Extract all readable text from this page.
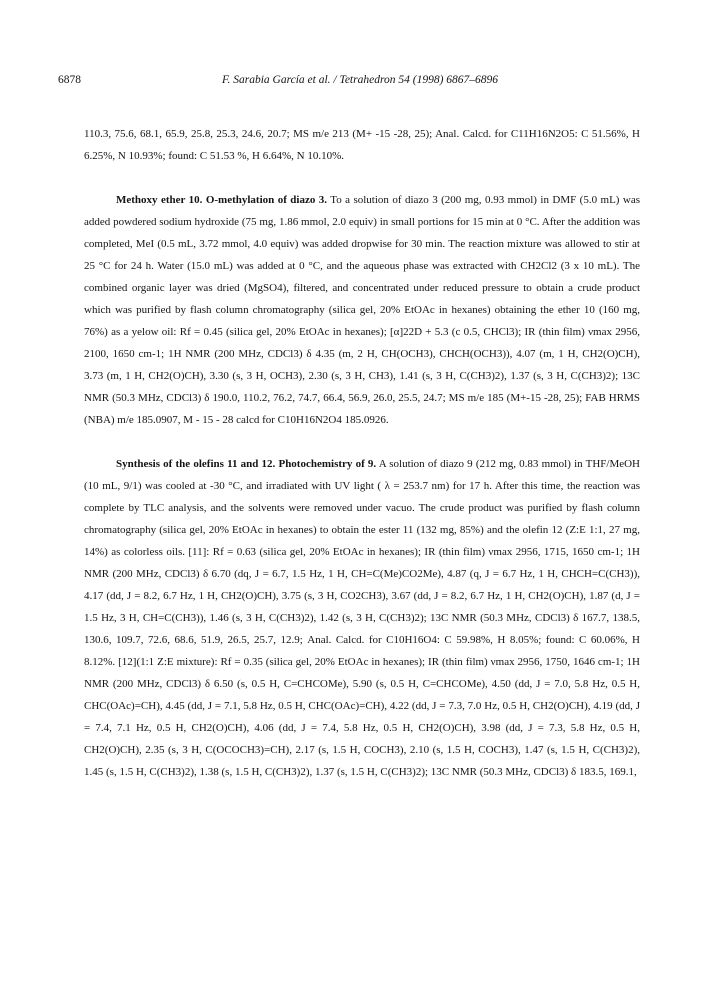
6878	F. Sarabia García et al. / Tetrahedron 54 (1998) 6867–6896

110.3, 75.6, 68.1, 65.9, 25.8, 25.3, 24.6, 20.7; MS m/e 213 (M+ -15 -28, 25); Anal. Calcd. for C11H16N2O5: C 51.56%, H 6.25%, N 10.93%; found: C 51.53 %, H 6.64%, N 10.10%.

Methoxy ether 10. O-methylation of diazo 3. To a solution of diazo 3 (200 mg, 0.93 mmol) in DMF (5.0 mL) was added powdered sodium hydroxide (75 mg, 1.86 mmol, 2.0 equiv) in small portions for 15 min at 0 °C. After the addition was completed, MeI (0.5 mL, 3.72 mmol, 4.0 equiv) was added dropwise for 30 min. The reaction mixture was allowed to stir at 25 °C for 24 h. Water (15.0 mL) was added at 0 °C, and the aqueous phase was extracted with CH2Cl2 (3 x 10 mL). The combined organic layer was dried (MgSO4), filtered, and concentrated under reduced pressure to obtain a crude product which was purified by flash column chromatography (silica gel, 20% EtOAc in hexanes) obtaining the ether 10 (160 mg, 76%) as a yelow oil: Rf = 0.45 (silica gel, 20% EtOAc in hexanes); [α]22D + 5.3 (c 0.5, CHCl3); IR (thin film) νmax 2956, 2100, 1650 cm-1; 1H NMR (200 MHz, CDCl3) δ 4.35 (m, 2 H, CH(OCH3), CHCH(OCH3)), 4.07 (m, 1 H, CH2(O)CH), 3.73 (m, 1 H, CH2(O)CH), 3.30 (s, 3 H, OCH3), 2.30 (s, 3 H, CH3), 1.41 (s, 3 H, C(CH3)2), 1.37 (s, 3 H, C(CH3)2); 13C NMR (50.3 MHz, CDCl3) δ 190.0, 110.2, 76.2, 74.7, 66.4, 56.9, 26.0, 25.5, 24.7; MS m/e 185 (M+-15 -28, 25); FAB HRMS (NBA) m/e 185.0907, M - 15 - 28 calcd for C10H16N2O4 185.0926.

Synthesis of the olefins 11 and 12. Photochemistry of 9. A solution of diazo 9 (212 mg, 0.83 mmol) in THF/MeOH (10 mL, 9/1) was cooled at -30 °C, and irradiated with UV light ( λ = 253.7 nm) for 17 h. After this time, the reaction was complete by TLC analysis, and the solvents were removed under vacuo. The crude product was purified by flash column chromatography (silica gel, 20% EtOAc in hexanes) to obtain the ester 11 (132 mg, 85%) and the olefin 12 (Z:E 1:1, 27 mg, 14%) as colorless oils. [11]: Rf = 0.63 (silica gel, 20% EtOAc in hexanes); IR (thin film) νmax 2956, 1715, 1650 cm-1; 1H NMR (200 MHz, CDCl3) δ 6.70 (dq, J = 6.7, 1.5 Hz, 1 H, CH=C(Me)CO2Me), 4.87 (q, J = 6.7 Hz, 1 H, CHCH=C(CH3)), 4.17 (dd, J = 8.2, 6.7 Hz, 1 H, CH2(O)CH), 3.75 (s, 3 H, CO2CH3), 3.67 (dd, J = 8.2, 6.7 Hz, 1 H, CH2(O)CH), 1.87 (d, J = 1.5 Hz, 3 H, CH=C(CH3)), 1.46 (s, 3 H, C(CH3)2), 1.42 (s, 3 H, C(CH3)2); 13C NMR (50.3 MHz, CDCl3) δ 167.7, 138.5, 130.6, 109.7, 72.6, 68.6, 51.9, 26.5, 25.7, 12.9; Anal. Calcd. for C10H16O4: C 59.98%, H 8.05%; found: C 60.06%, H 8.12%. [12](1:1 Z:E mixture): Rf = 0.35 (silica gel, 20% EtOAc in hexanes); IR (thin film) νmax 2956, 1750, 1646 cm-1; 1H NMR (200 MHz, CDCl3) δ 6.50 (s, 0.5 H, C=CHCOMe), 5.90 (s, 0.5 H, C=CHCOMe), 4.50 (dd, J = 7.0, 5.8 Hz, 0.5 H, CHC(OAc)=CH), 4.45 (dd, J = 7.1, 5.8 Hz, 0.5 H, CHC(OAc)=CH), 4.22 (dd, J = 7.3, 7.0 Hz, 0.5 H, CH2(O)CH), 4.19 (dd, J = 7.4, 7.1 Hz, 0.5 H, CH2(O)CH), 4.06 (dd, J = 7.4, 5.8 Hz, 0.5 H, CH2(O)CH), 3.98 (dd, J = 7.3, 5.8 Hz, 0.5 H, CH2(O)CH), 2.35 (s, 3 H, C(OCOCH3)=CH), 2.17 (s, 1.5 H, COCH3), 2.10 (s, 1.5 H, COCH3), 1.47 (s, 1.5 H, C(CH3)2), 1.45 (s, 1.5 H, C(CH3)2), 1.38 (s, 1.5 H, C(CH3)2), 1.37 (s, 1.5 H, C(CH3)2); 13C NMR (50.3 MHz, CDCl3) δ 183.5, 169.1,
